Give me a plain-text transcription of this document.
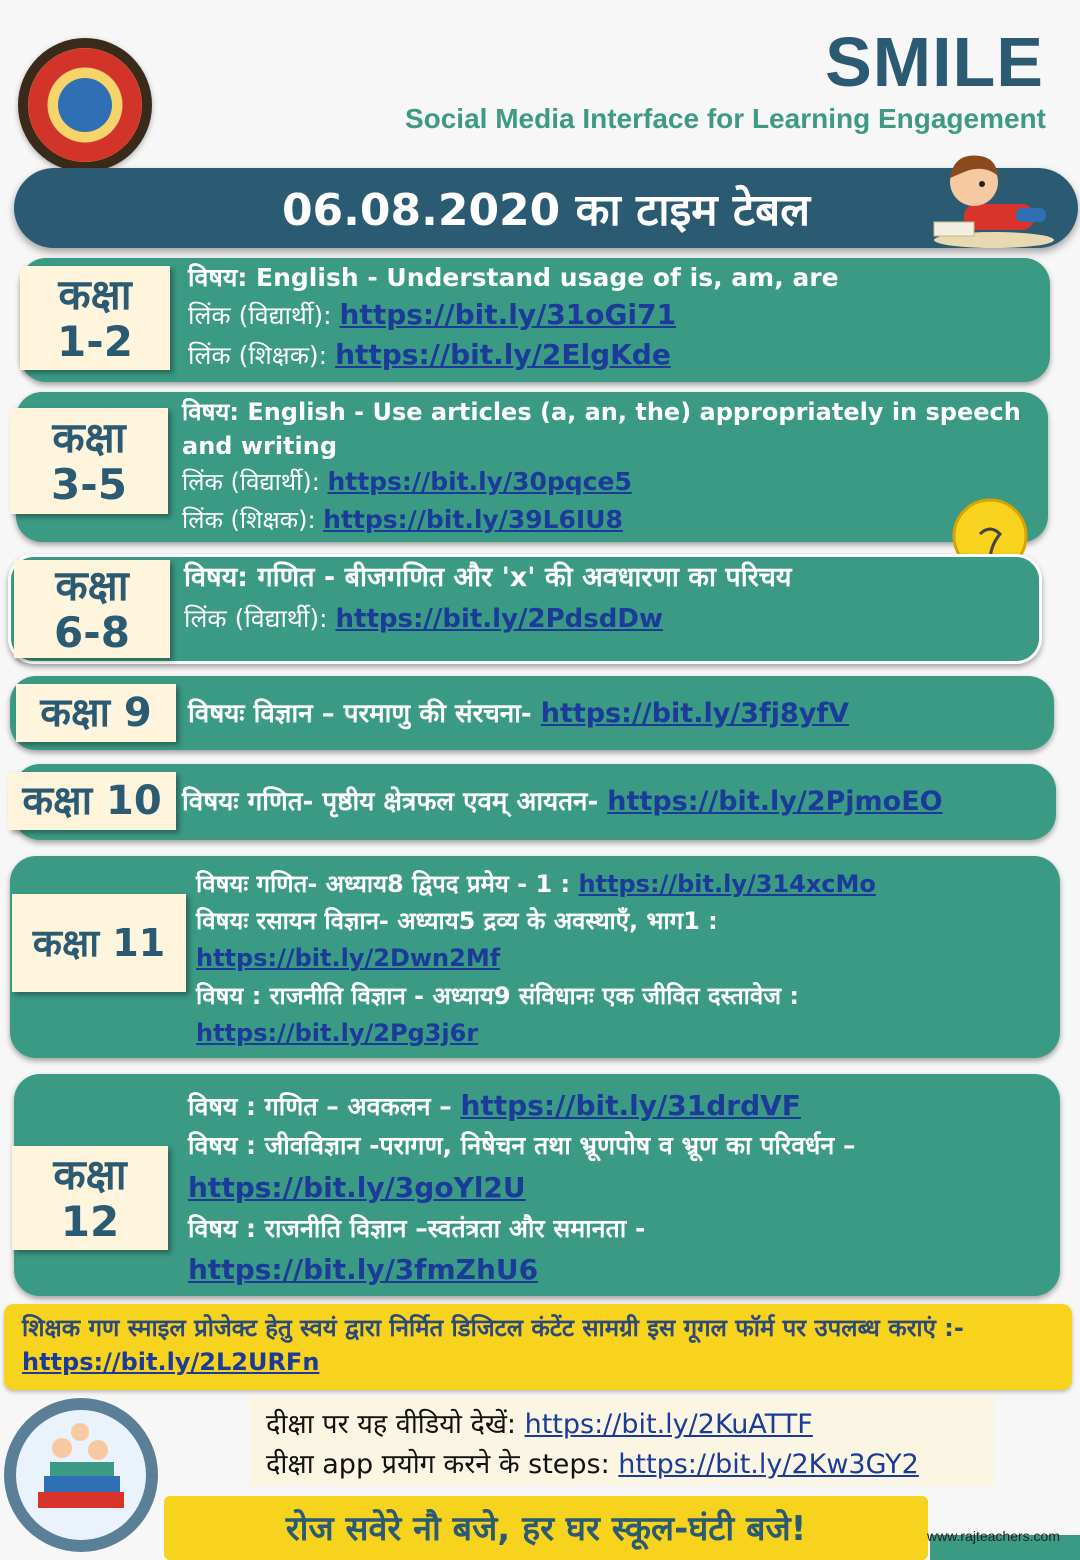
SMILE
Social Media Interface for Learning Engagement
06.08.2020 का टाइम टेबल
कक्षा
1-2
विषय: English - Understand usage of is, am, are
लिंक (विद्यार्थी): https://bit.ly/31oGi71
लिंक (शिक्षक): https://bit.ly/2ElgKde
कक्षा
3-5
विषय: English - Use articles (a, an, the) appropriately in speech and writing
लिंक (विद्यार्थी): https://bit.ly/30pqce5
लिंक (शिक्षक): https://bit.ly/39L6IU8
कक्षा
6-8
विषय: गणित - बीजगणित और 'x' की अवधारणा का परिचय
लिंक (विद्यार्थी): https://bit.ly/2PdsdDw
कक्षा 9	विषयः विज्ञान – परमाणु की संरचना- https://bit.ly/3fj8yfV
कक्षा 10 विषयः गणित- पृष्ठीय क्षेत्रफल एवम् आयतन- https://bit.ly/2PjmoEO
कक्षा 11
विषयः गणित- अध्याय8 द्विपद प्रमेय - 1 : https://bit.ly/314xcMo
विषयः रसायन विज्ञान- अध्याय5 द्रव्य के अवस्थाएँ, भाग1 :
https://bit.ly/2Dwn2Mf
विषय : राजनीति विज्ञान - अध्याय9 संविधानः एक जीवित दस्तावेज :
https://bit.ly/2Pg3j6r
कक्षा
12
विषय : गणित – अवकलन – https://bit.ly/31drdVF
विषय : जीवविज्ञान -परागण, निषेचन तथा भ्रूणपोष व भ्रूण का परिवर्धन –
https://bit.ly/3goYl2U
विषय : राजनीति विज्ञान –स्वतंत्रता और समानता -
https://bit.ly/3fmZhU6
शिक्षक गण स्माइल प्रोजेक्ट हेतु स्वयं द्वारा निर्मित डिजिटल कंटेंट सामग्री इस गूगल फॉर्म पर उपलब्ध कराएं :- https://bit.ly/2L2URFn
दीक्षा पर यह वीडियो देखें: https://bit.ly/2KuATTF
दीक्षा app प्रयोग करने के steps: https://bit.ly/2Kw3GY2
रोज सवेरे नौ बजे, हर घर स्कूल-घंटी बजे!	www.rajteachers.com
